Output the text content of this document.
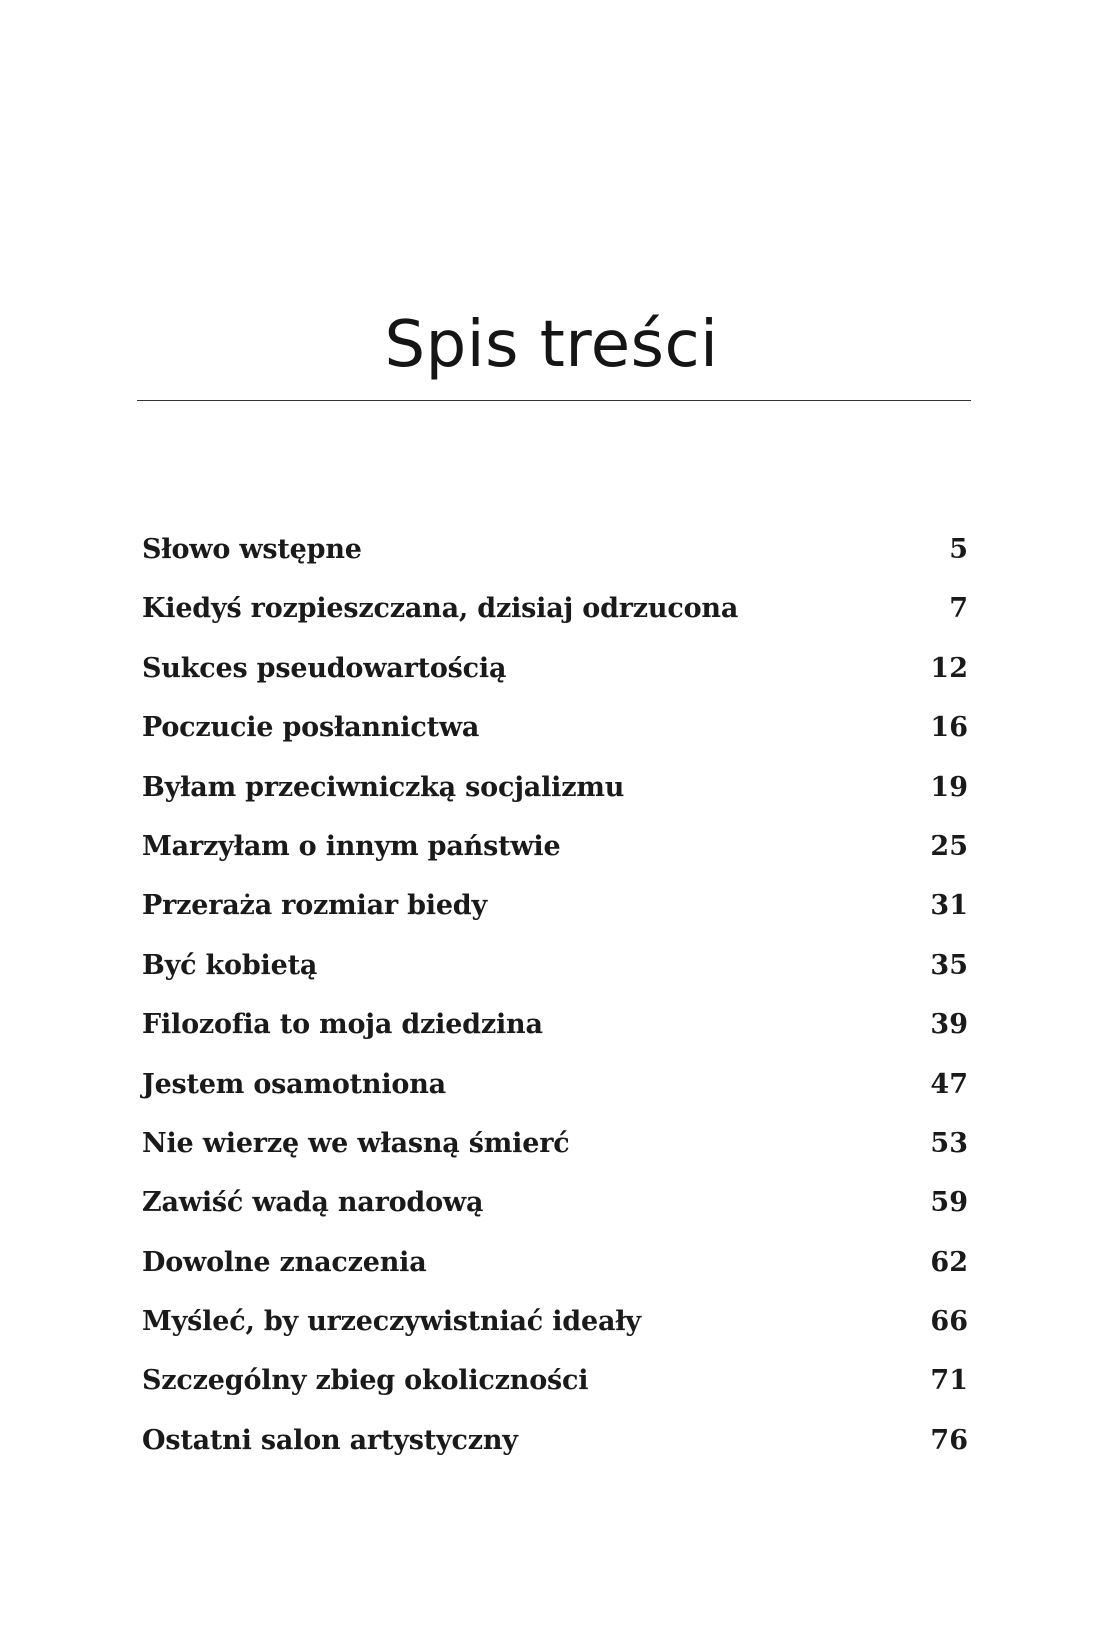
Spis treści
Słowo wstępne	5
Kiedyś rozpieszczana, dzisiaj odrzucona	7
Sukces pseudowartością	12
Poczucie posłannictwa	16
Byłam przeciwniczką socjalizmu	19
Marzyłam o innym państwie	25
Przeraża rozmiar biedy	31
Być kobietą	35
Filozofia to moja dziedzina	39
Jestem osamotniona	47
Nie wierzę we własną śmierć	53
Zawiść wadą narodową	59
Dowolne znaczenia	62
Myśleć, by urzeczywistniać ideały	66
Szczególny zbieg okoliczności	71
Ostatni salon artystyczny	76
